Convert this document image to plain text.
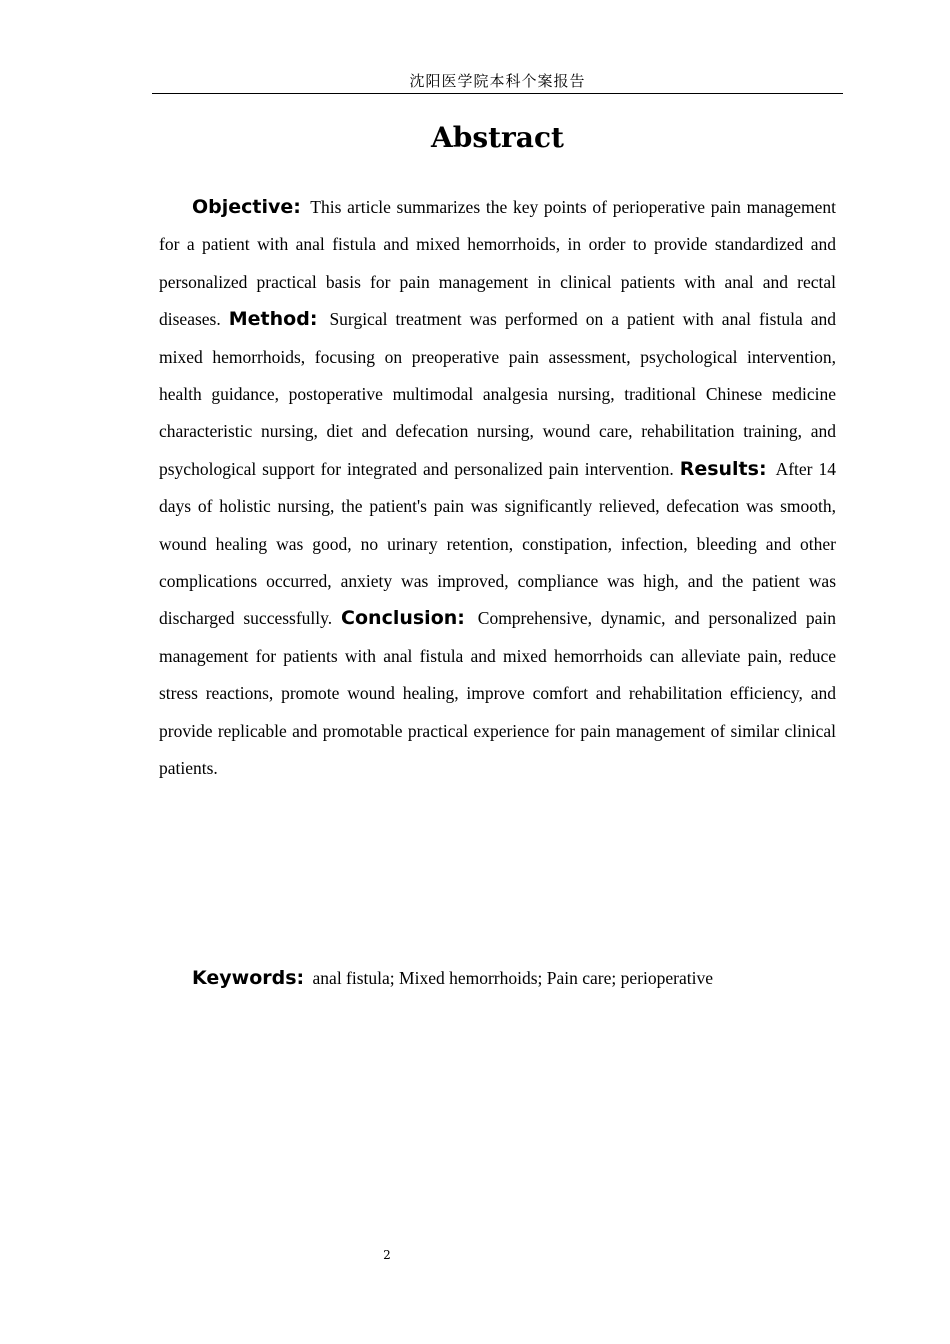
沈阳医学院本科个案报告
Abstract

Objective: This article summarizes the key points of perioperative pain management for a patient with anal fistula and mixed hemorrhoids, in order to provide standardized and personalized practical basis for pain management in clinical patients with anal and rectal diseases. Method: Surgical treatment was performed on a patient with anal fistula and mixed hemorrhoids, focusing on preoperative pain assessment, psychological intervention, health guidance, postoperative multimodal analgesia nursing, traditional Chinese medicine characteristic nursing, diet and defecation nursing, wound care, rehabilitation training, and psychological support for integrated and personalized pain intervention. Results: After 14 days of holistic nursing, the patient's pain was significantly relieved, defecation was smooth, wound healing was good, no urinary retention, constipation, infection, bleeding and other complications occurred, anxiety was improved, compliance was high, and the patient was discharged successfully. Conclusion: Comprehensive, dynamic, and personalized pain management for patients with anal fistula and mixed hemorrhoids can alleviate pain, reduce stress reactions, promote wound healing, improve comfort and rehabilitation efficiency, and provide replicable and promotable practical experience for pain management of similar clinical patients.

Keywords: anal fistula; Mixed hemorrhoids; Pain care; perioperative

2
